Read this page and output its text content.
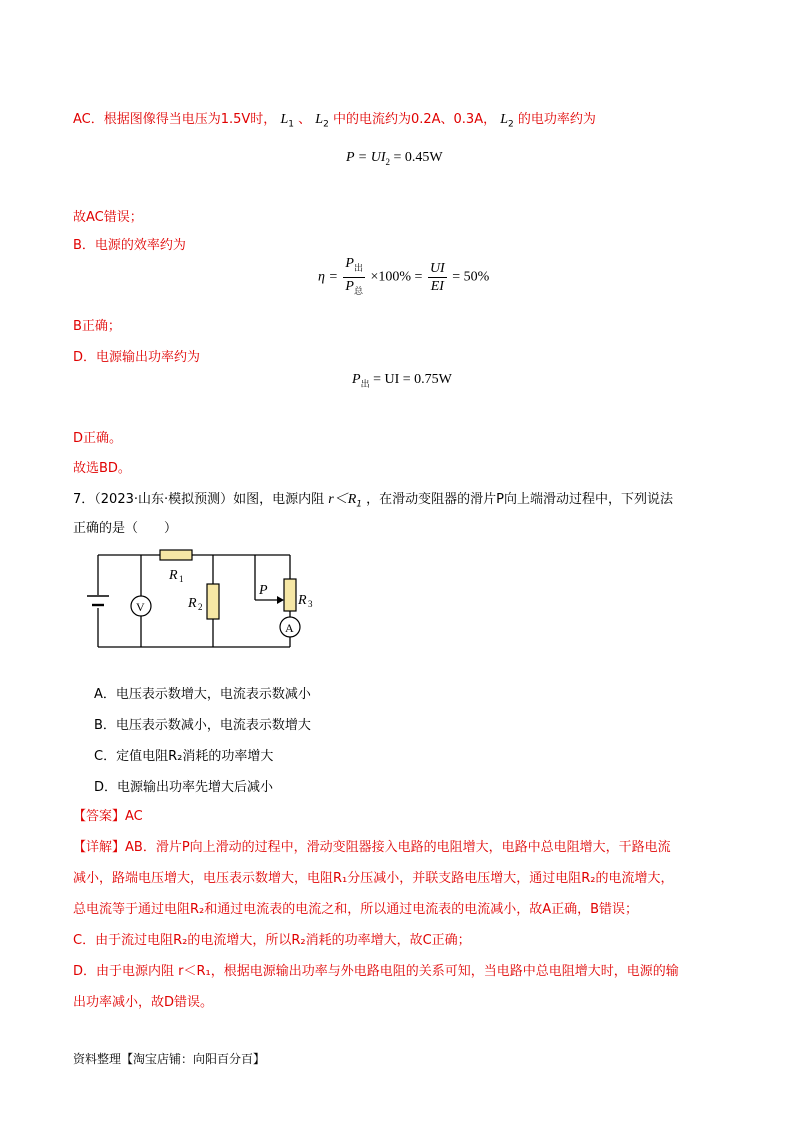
AC．根据图像得当电压为1.5V时， $L_1$ 、 $L_2$ 中的电流约为0.2A、0.3A， $L_2$ 的电功率约为
$P = UI_2 = 0.45W$
故AC错误；
B．电源的效率约为
$\eta = \frac{P_出}{P_总} \times 100\% = \frac{UI}{EI} = 50\%$
B正确；
D．电源输出功率约为
$P_出$ = UI = 0.75W
D正确。
故选BD。
7．（2023·山东·模拟预测）如图，电源内阻 $r<R_1$ ，在滑动变阻器的滑片P向上端滑动过程中，下列说法
正确的是（　　）
V
A
R 1
R 2	R 3
P
A．电压表示数增大，电流表示数减小
B．电压表示数减小，电流表示数增大
C．定值电阻R₂消耗的功率增大
D．电源输出功率先增大后减小
【答案】AC
【详解】AB．滑片P向上滑动的过程中，滑动变阻器接入电路的电阻增大，电路中总电阻增大，干路电流
减小，路端电压增大，电压表示数增大，电阻R₁分压减小，并联支路电压增大，通过电阻R₂的电流增大，
总电流等于通过电阻R₂和通过电流表的电流之和，所以通过电流表的电流减小，故A正确，B错误；
C．由于流过电阻R₂的电流增大，所以R₂消耗的功率增大，故C正确；
D．由于电源内阻 r＜R₁，根据电源输出功率与外电路电阻的关系可知，当电路中总电阻增大时，电源的输
出功率减小，故D错误。
资料整理【淘宝店铺：向阳百分百】
